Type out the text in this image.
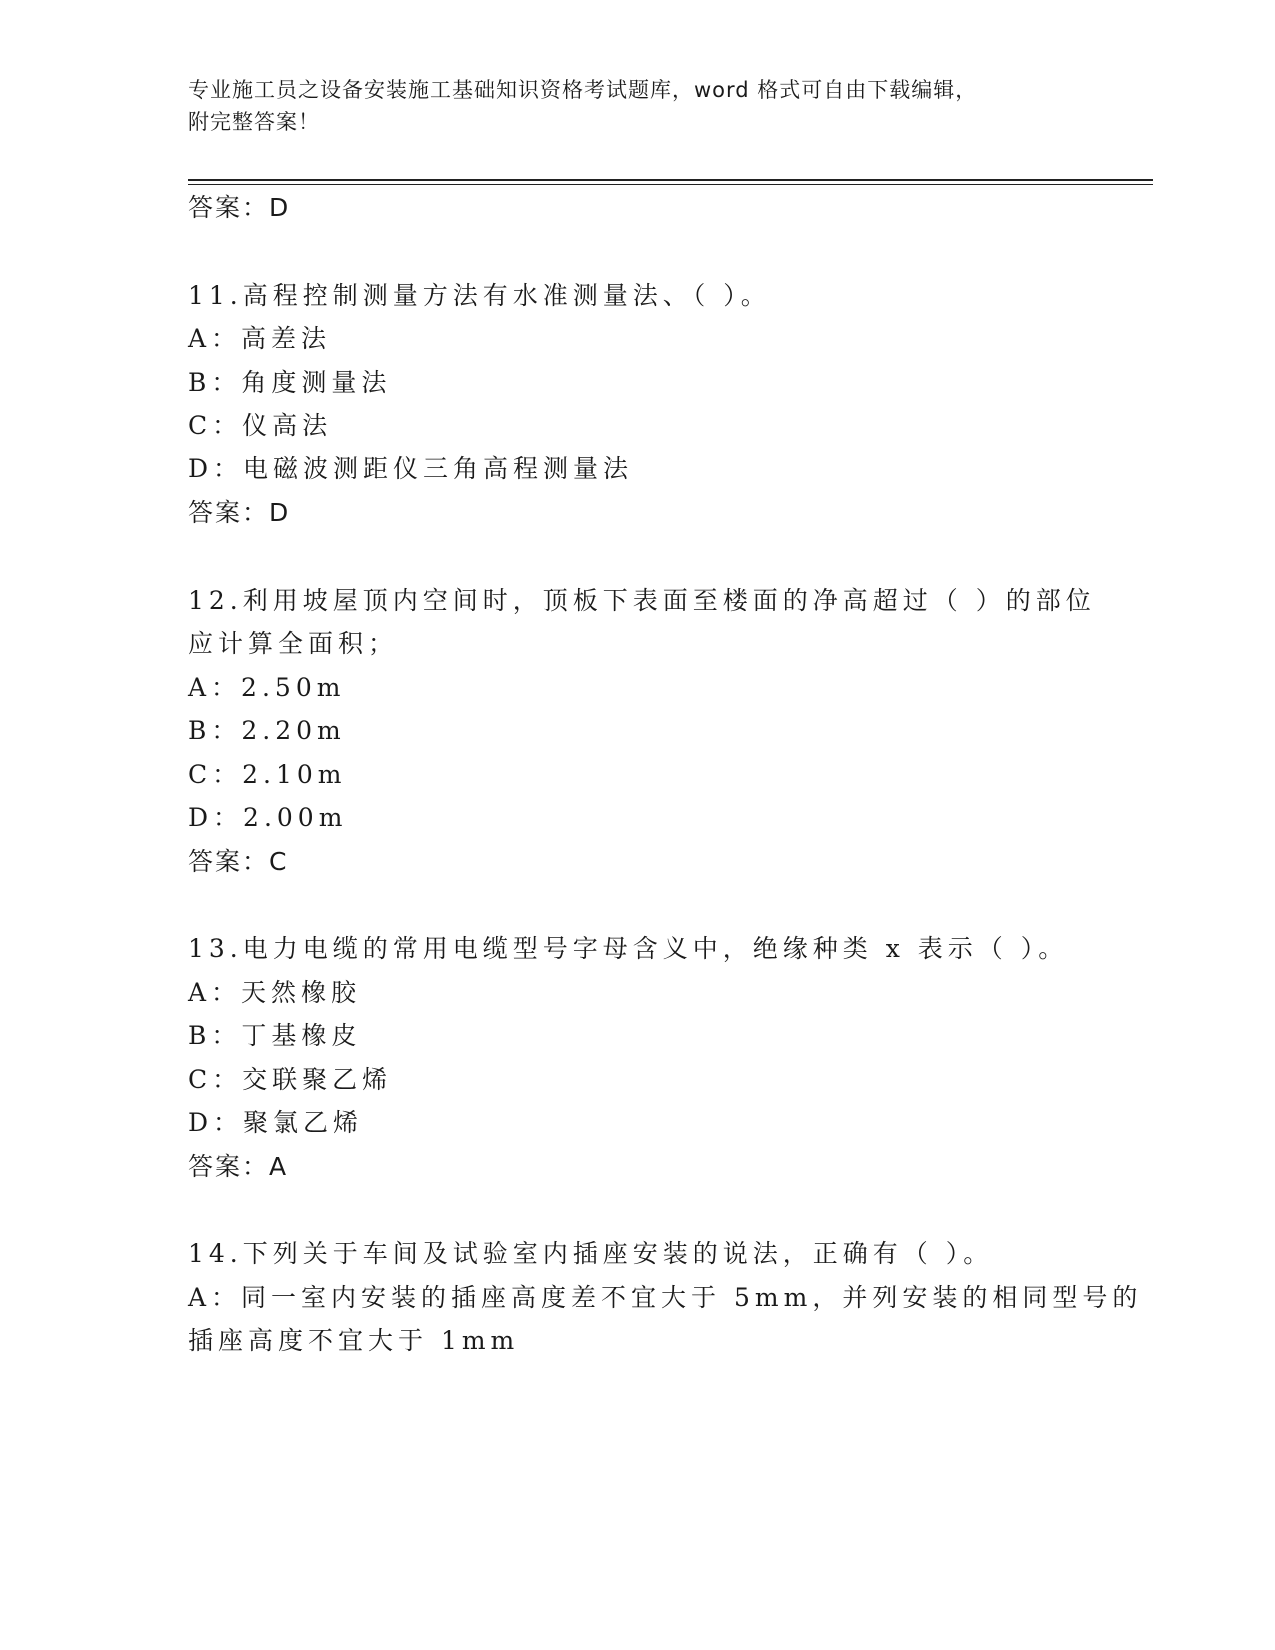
专业施工员之设备安装施工基础知识资格考试题库，word 格式可自由下载编辑，
附完整答案！
答案：D
11.高程控制测量方法有水准测量法、（ ）。
A：高差法
B：角度测量法
C：仪高法
D：电磁波测距仪三角高程测量法
答案：D
12.利用坡屋顶内空间时，顶板下表面至楼面的净高超过（ ）的部位
应计算全面积；
A：2.50m
B：2.20m
C：2.10m
D：2.00m
答案：C
13.电力电缆的常用电缆型号字母含义中，绝缘种类 x 表示（ ）。
A：天然橡胶
B：丁基橡皮
C：交联聚乙烯
D：聚氯乙烯
答案：A
14.下列关于车间及试验室内插座安装的说法，正确有（ ）。
A：同一室内安装的插座高度差不宜大于 5mm，并列安装的相同型号的
插座高度不宜大于 1mm
